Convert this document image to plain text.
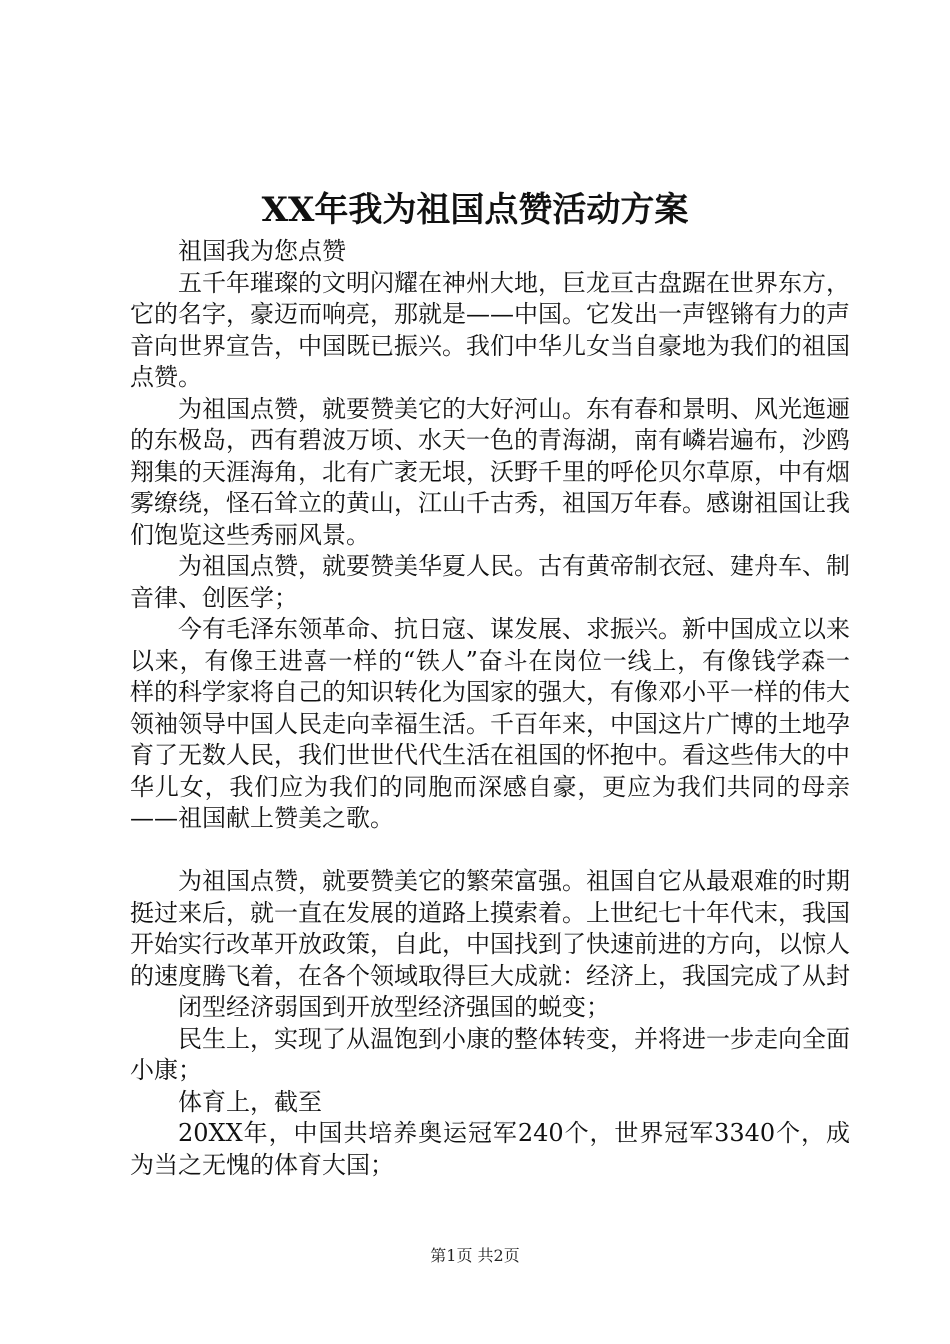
XX年我为祖国点赞活动方案

祖国我为您点赞

五千年璀璨的文明闪耀在神州大地，巨龙亘古盘踞在世界东方，它的名字，豪迈而响亮，那就是——中国。它发出一声铿锵有力的声音向世界宣告，中国既已振兴。我们中华儿女当自豪地为我们的祖国点赞。

为祖国点赞，就要赞美它的大好河山。东有春和景明、风光迤逦的东极岛，西有碧波万顷、水天一色的青海湖，南有嶙岩遍布，沙鸥翔集的天涯海角，北有广袤无垠，沃野千里的呼伦贝尔草原，中有烟雾缭绕，怪石耸立的黄山，江山千古秀，祖国万年春。感谢祖国让我们饱览这些秀丽风景。

为祖国点赞，就要赞美华夏人民。古有黄帝制衣冠、建舟车、制音律、创医学；

今有毛泽东领革命、抗日寇、谋发展、求振兴。新中国成立以来以来，有像王进喜一样的“铁人”奋斗在岗位一线上，有像钱学森一样的科学家将自己的知识转化为国家的强大，有像邓小平一样的伟大领袖领导中国人民走向幸福生活。千百年来，中国这片广博的土地孕育了无数人民，我们世世代代生活在祖国的怀抱中。看这些伟大的中华儿女，我们应为我们的同胞而深感自豪，更应为我们共同的母亲——祖国献上赞美之歌。

为祖国点赞，就要赞美它的繁荣富强。祖国自它从最艰难的时期挺过来后，就一直在发展的道路上摸索着。上世纪七十年代末，我国开始实行改革开放政策，自此，中国找到了快速前进的方向，以惊人的速度腾飞着，在各个领域取得巨大成就：经济上，我国完成了从封

闭型经济弱国到开放型经济强国的蜕变；

民生上，实现了从温饱到小康的整体转变，并将进一步走向全面小康；

体育上，截至

20XX年，中国共培养奥运冠军240个，世界冠军3340个，成为当之无愧的体育大国；

第1页 共2页
